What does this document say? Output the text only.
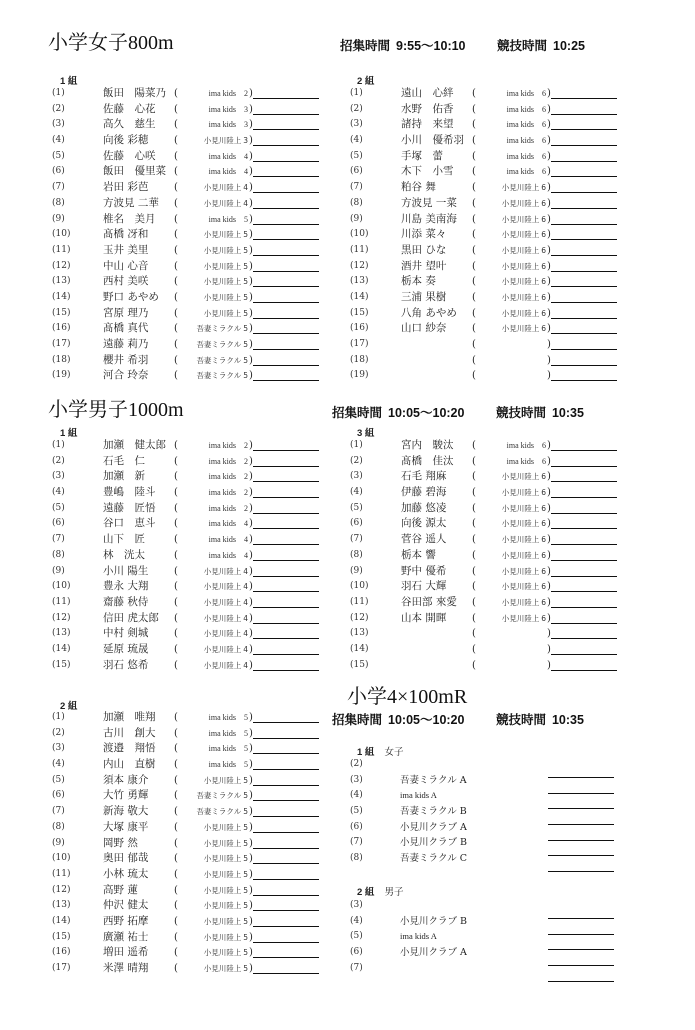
小学女子800m	招集時間 9:55～10:10	競技時間 10:25
1 組
(1)	飯田　陽菜乃 (	ima kids 2 )
(2)	佐藤　心花 (	ima kids 3 )
(3)	高久　慈生 (	ima kids 3 )
(4)	向後 彩穂	(	小見川陸上 3 )
(5)	佐藤　心咲 (	ima kids 4 )
(6)	飯田　優里菜 (	ima kids 4 )
(7)	岩田 彩芭	(	小見川陸上 4 )
(8)	方波見 二華 (	小見川陸上 4 )
(9)	椎名　美月 (	ima kids 5 )
(10)	髙橋 冴和	(	小見川陸上 5 )
(11)	玉井 美里	(	小見川陸上 5 )
(12)	中山 心音	(	小見川陸上 5 )
(13)	西村 美咲	(	小見川陸上 5 )
(14)	野口 あやめ (	小見川陸上 5 )
(15)	宮原 理乃	(	小見川陸上 5 )
(16)	髙橋 真代	(	吾妻ミラクル 5 )
(17)	遠藤 莉乃	(	吾妻ミラクル 5 )
(18)	櫻井 希羽	(	吾妻ミラクル 5 )
(19)	河合 玲奈	(	吾妻ミラクル 5 )
2 組
(1)	遠山　心絆 (	ima kids 6 )
(2)	水野　佑香 (	ima kids 6 )
(3)	諸持　来望 (	ima kids 6 )
(4)	小川　優希羽 (	ima kids 6 )
(5)	手塚　蕾	(	ima kids 6 )
(6)	木下　小雪 (	ima kids 6 )
(7)	粕谷 舞	(	小見川陸上 6 )
(8)	方波見 一菜 (	小見川陸上 6 )
(9)	川島 美南海 (	小見川陸上 6 )
(10)	川添 菜々	(	小見川陸上 6 )
(11)	黒田 ひな	(	小見川陸上 6 )
(12)	酒井 望叶	(	小見川陸上 6 )
(13)	栃本 奏	(	小見川陸上 6 )
(14)	三浦 果樹	(	小見川陸上 6 )
(15)	八角 あやめ (	小見川陸上 6 )
(16)	山口 紗奈	(	小見川陸上 6 )
(17)	(	)
(18)	(	)
(19)	(	)
小学男子1000m	招集時間 10:05～10:20	競技時間 10:35
1 組
(1)	加瀬　健太郎 (	ima kids 2 )
(2)	石毛　仁	(	ima kids 2 )
(3)	加瀬　新	(	ima kids 2 )
(4)	豊嶋　陸斗 (	ima kids 2 )
(5)	遠藤　匠悟 (	ima kids 2 )
(6)	谷口　恵斗 (	ima kids 4 )
(7)	山下　匠	(	ima kids 4 )
(8)	林　洸太	(	ima kids 4 )
(9)	小川 陽生	(	小見川陸上 4 )
(10)	豊永 大翔	(	小見川陸上 4 )
(11)	齋藤 秋侍	(	小見川陸上 4 )
(12)	信田 虎太郎 (	小見川陸上 4 )
(13)	中村 剣城	(	小見川陸上 4 )
(14)	延原 琉晟	(	小見川陸上 4 )
(15)	羽石 悠希	(	小見川陸上 4 )
3 組
(1)	宮内　駿汰 (	ima kids 6 )
(2)	髙橋　佳汰 (	ima kids 6 )
(3)	石毛 翔麻	(	小見川陸上 6 )
(4)	伊藤 碧海	(	小見川陸上 6 )
(5)	加藤 悠凌	(	小見川陸上 6 )
(6)	向後 源太	(	小見川陸上 6 )
(7)	菅谷 遥人	(	小見川陸上 6 )
(8)	栃本 響	(	小見川陸上 6 )
(9)	野中 優希	(	小見川陸上 6 )
(10)	羽石 大輝	(	小見川陸上 6 )
(11)	谷田部 來愛 (	小見川陸上 6 )
(12)	山本 開暉	(	小見川陸上 6 )
(13)	(	)
(14)	(	)
(15)	(	)
2 組
(1)	加瀬　唯翔 (	ima kids 5 )
(2)	古川　創大 (	ima kids 5 )
(3)	渡邉　翔悟 (	ima kids 5 )
(4)	内山　直樹 (	ima kids 5 )
(5)	須本 康介	(	小見川陸上 5 )
(6)	大竹 勇輝	(	吾妻ミラクル 5 )
(7)	新海 敬大	(	吾妻ミラクル 5 )
(8)	大塚 康平	(	小見川陸上 5 )
(9)	岡野 然	(	小見川陸上 5 )
(10)	奥田 郁哉	(	小見川陸上 5 )
(11)	小林 琉太	(	小見川陸上 5 )
(12)	高野 蓮	(	小見川陸上 5 )
(13)	仲沢 健太	(	小見川陸上 5 )
(14)	西野 拓摩	(	小見川陸上 5 )
(15)	廣瀬 祐士	(	小見川陸上 5 )
(16)	増田 遥希	(	小見川陸上 5 )
(17)	米澤 晴翔	(	小見川陸上 5 )
小学4×100mR
招集時間 10:05～10:20	競技時間 10:35
1 組 女子
(2)
(3)	吾妻ミラクル A
(4)	ima kids A
(5)	吾妻ミラクル B
(6)	小見川クラブ A
(7)	小見川クラブ B
(8)	吾妻ミラクル C
2 組 男子
(3)
(4)	小見川クラブ B
(5)	ima kids A
(6)	小見川クラブ A
(7)
